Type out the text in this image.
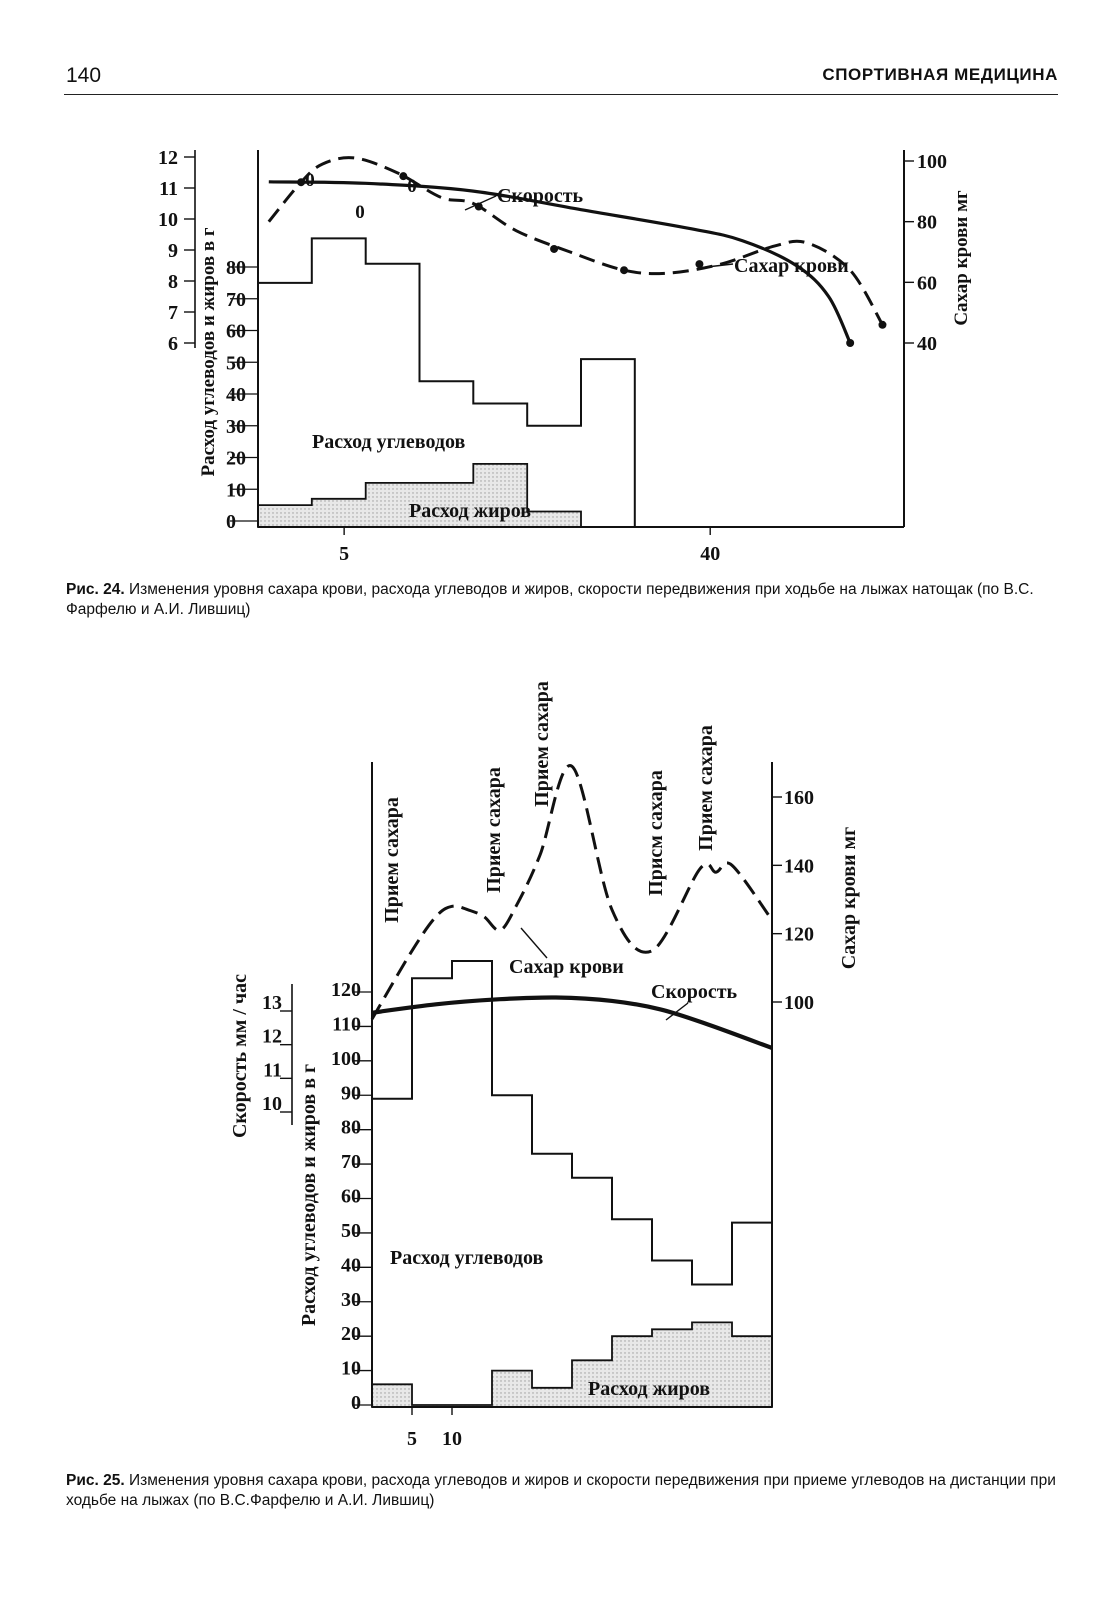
140	СПОРТИВНАЯ МЕДИЦИНА
12
11
10
9
8
7
6
80
70
60
50
40
30
20
10
0
100
80
60
40
5	40
Расход углеводов и жиров в г	Сахар крови мг
0	0
0
Скорость
Сахар крови
Расход углеводов
Расход жиров
120
110
100
90
80
70
60
50
40
30
20
10
0
13
12
11
10
160
140
120
100
5 10
Скорость мм / час
Расход углеводов и жиров в г
Сахар крови мг
Прием сахара	Прием сахара
Прием сахара
Присм сахара Прием сахара
Сахар крови
Скорость
Расход углеводов
Расход жиров
Рис. 24. Изменения уровня сахара крови, расхода углеводов и жиров, скорости передвижения при ходьбе на лыжах натощак (по В.С. Фарфелю и А.И. Лившиц)
Рис. 25. Изменения уровня сахара крови, расхода углеводов и жиров и скорости передвижения при приеме углеводов на дистанции при ходьбе на лыжах (по В.С.Фарфелю и А.И. Лившиц)
